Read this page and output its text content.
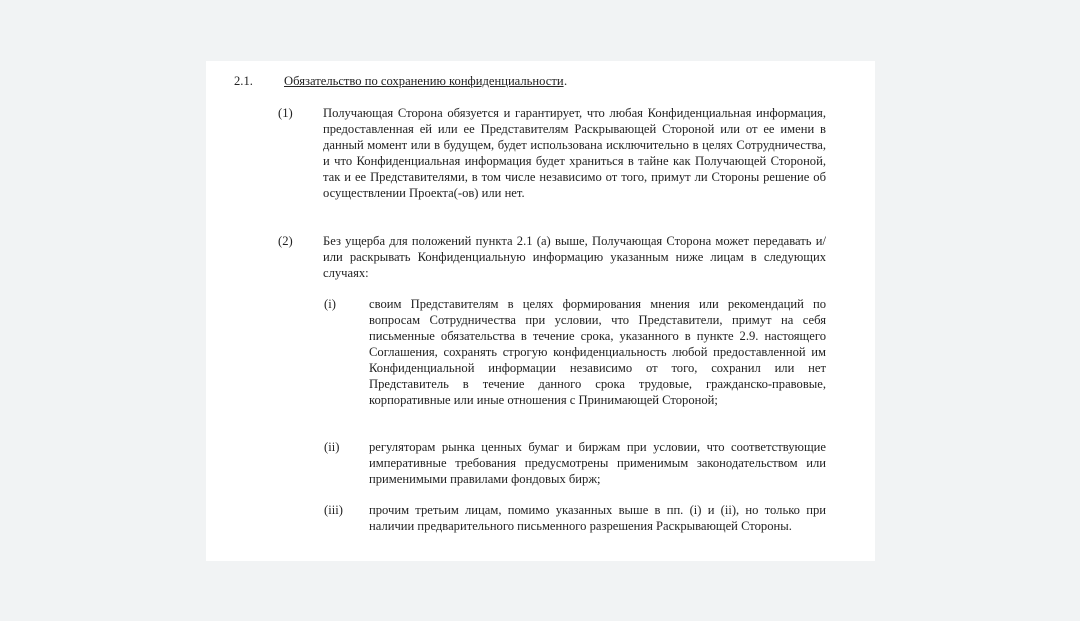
2.1. Обязательство по сохранению конфиденциальности .
(1) Получающая Сторона обязуется и гарантирует, что любая Конфиденциальная информация, предоставленная ей или ее Представителям Раскрывающей Стороной или от ее имени в данный момент или в будущем, будет использована исключительно в целях Сотрудничества, и что Конфиденциальная информация будет храниться в тайне как Получающей Стороной, так и ее Представителями, в том числе независимо от того, примут ли Стороны решение об осуществлении Проекта(-ов) или нет.
(2) Без ущерба для положений пункта 2.1 (а) выше, Получающая Сторона может передавать и/или раскрывать Конфиденциальную информацию указанным ниже лицам в следующих случаях:
(i)	своим Представителям в целях формирования мнения или рекомендаций по вопросам Сотрудничества при условии, что Представители, примут на себя письменные обязательства в течение срока, указанного в пункте 2.9. настоящего Соглашения, сохранять строгую конфиденциальность любой предоставленной им Конфиденциальной информации независимо от того, сохранил или нет Представитель в течение данного срока трудовые, гражданско-правовые, корпоративные или иные отношения с Принимающей Стороной;
(ii) регуляторам рынка ценных бумаг и биржам при условии, что соответствующие императивные требования предусмотрены применимым законодательством или применимыми правилами фондовых бирж;
(iii) прочим третьим лицам, помимо указанных выше в пп. (i) и (ii), но только при наличии предварительного письменного разрешения Раскрывающей Стороны.
